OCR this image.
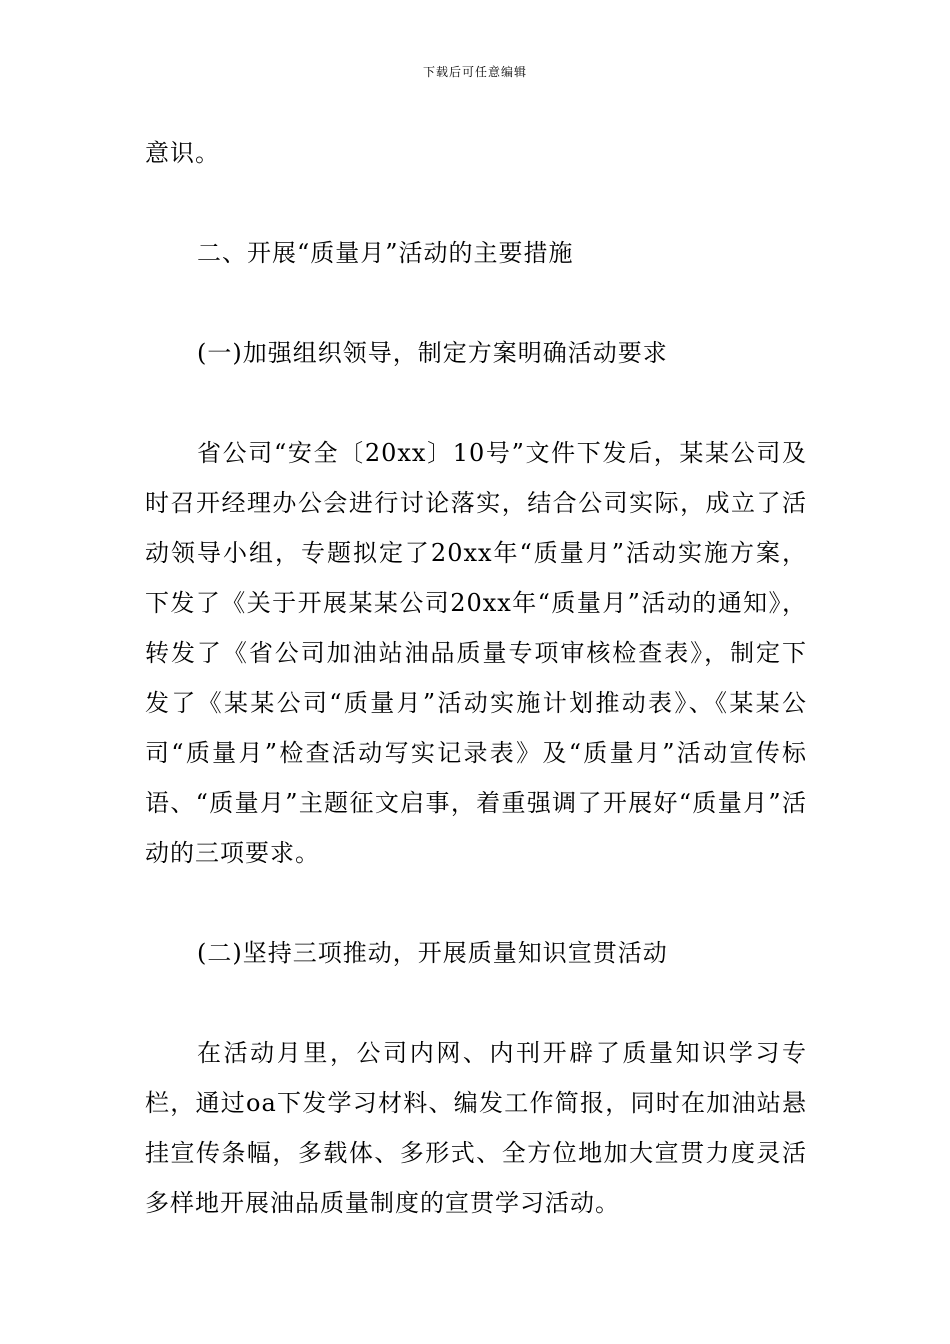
下载后可任意编辑

意识。

二、开展“质量月”活动的主要措施

(一)加强组织领导，制定方案明确活动要求

省公司“安全〔20xx〕10号”文件下发后，某某公司及时召开经理办公会进行讨论落实，结合公司实际，成立了活动领导小组，专题拟定了20xx年“质量月”活动实施方案，下发了《关于开展某某公司20xx年“质量月”活动的通知》，转发了《省公司加油站油品质量专项审核检查表》，制定下发了《某某公司“质量月”活动实施计划推动表》、《某某公司“质量月”检查活动写实记录表》及“质量月”活动宣传标语、“质量月”主题征文启事，着重强调了开展好“质量月”活动的三项要求。

(二)坚持三项推动，开展质量知识宣贯活动

在活动月里，公司内网、内刊开辟了质量知识学习专栏，通过oa下发学习材料、编发工作简报，同时在加油站悬挂宣传条幅，多载体、多形式、全方位地加大宣贯力度灵活多样地开展油品质量制度的宣贯学习活动。
